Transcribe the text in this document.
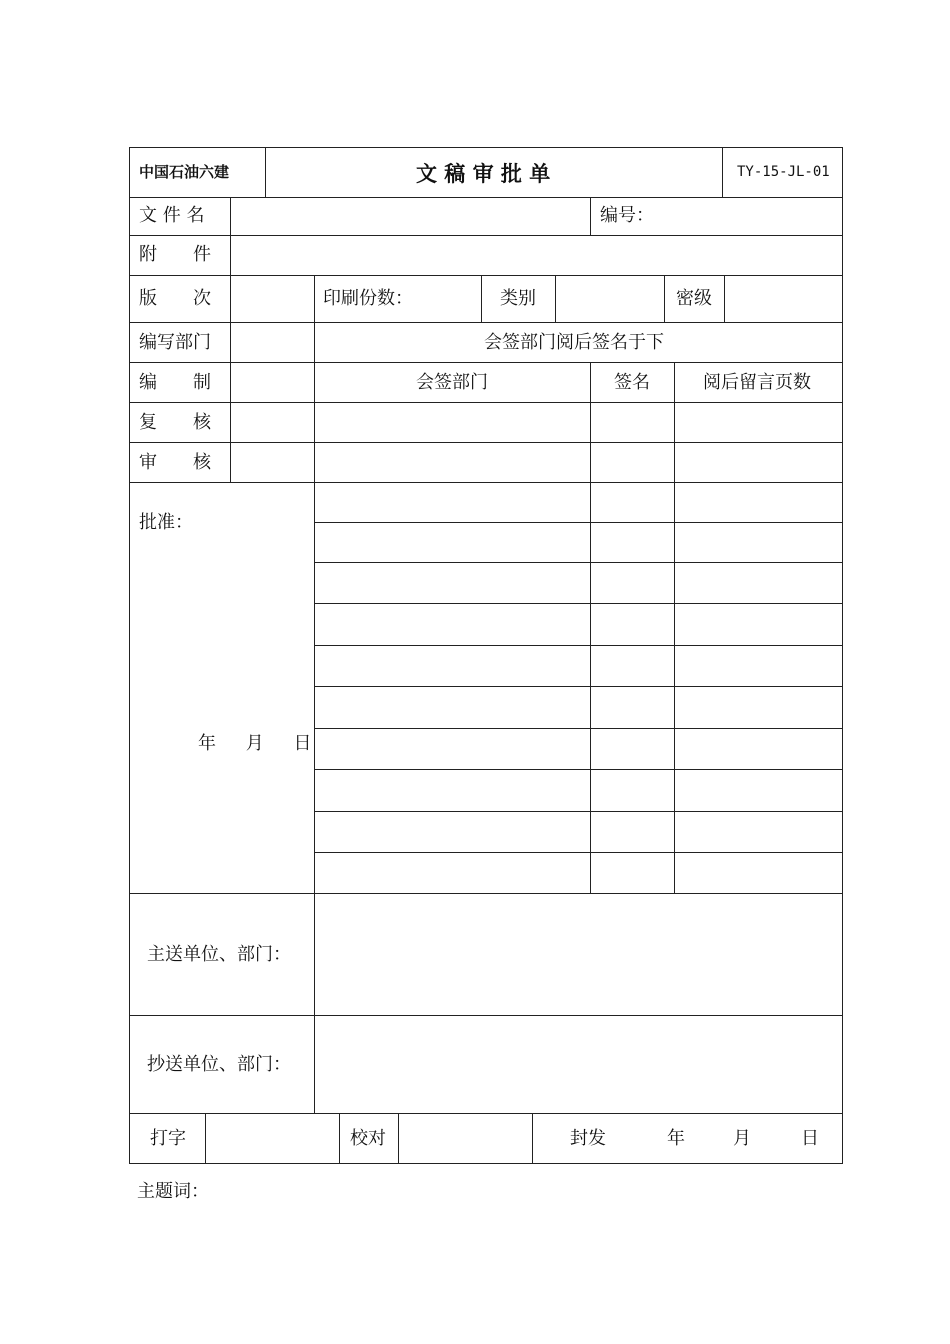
中国石油六建	文 稿 审 批 单	TY-15-JL-01
文 件 名	编号：
附　　件
版　　次	印刷份数：	类别	密级
编写部门	会签部门阅后签名于下
编　　制	会签部门	签名	阅后留言页数
复　　核
审　　核
批准：
年　 月　 日
主送单位、部门：
抄送单位、部门：
打字	校对	封发	年	月	日
主题词：
